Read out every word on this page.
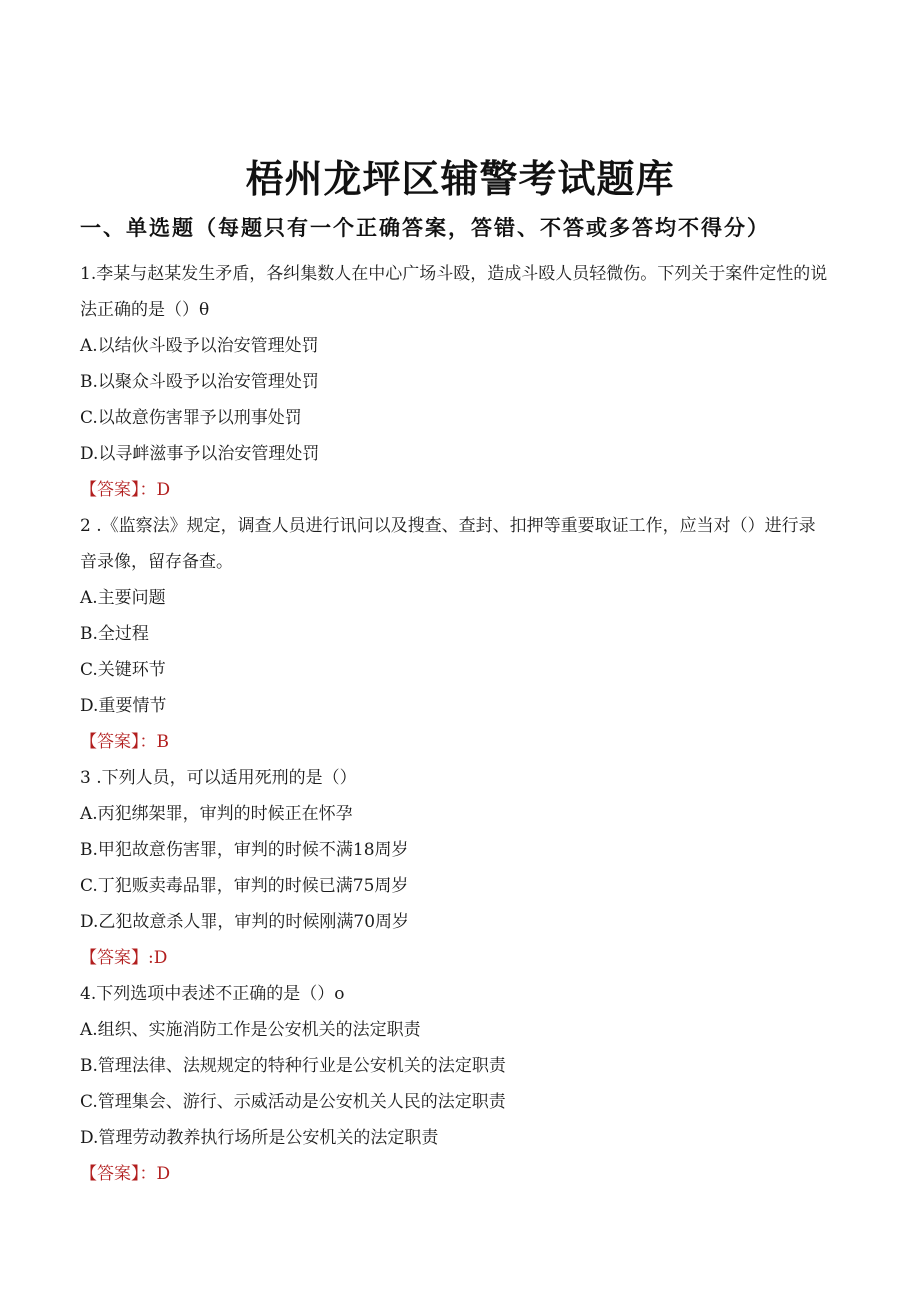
梧州龙坪区辅警考试题库
一、单选题（每题只有一个正确答案，答错、不答或多答均不得分）

1.李某与赵某发生矛盾，各纠集数人在中心广场斗殴，造成斗殴人员轻微伤。下列关于案件定性的说法正确的是（）θ

A.以结伙斗殴予以治安管理处罚

B.以聚众斗殴予以治安管理处罚

C.以故意伤害罪予以刑事处罚

D.以寻衅滋事予以治安管理处罚

【答案】：D

2 .《监察法》规定，调查人员进行讯问以及搜查、查封、扣押等重要取证工作，应当对（）进行录音录像，留存备查。

A.主要问题

B.全过程

C.关键环节

D.重要情节

【答案】：B

3 .下列人员，可以适用死刑的是（）

A.丙犯绑架罪，审判的时候正在怀孕

B.甲犯故意伤害罪，审判的时候不满18周岁

C.丁犯贩卖毒品罪，审判的时候已满75周岁

D.乙犯故意杀人罪，审判的时候刚满70周岁

【答案】:D

4.下列选项中表述不正确的是（）o

A.组织、实施消防工作是公安机关的法定职责

B.管理法律、法规规定的特种行业是公安机关的法定职责

C.管理集会、游行、示威活动是公安机关人民的法定职责

D.管理劳动教养执行场所是公安机关的法定职责

【答案】：D
